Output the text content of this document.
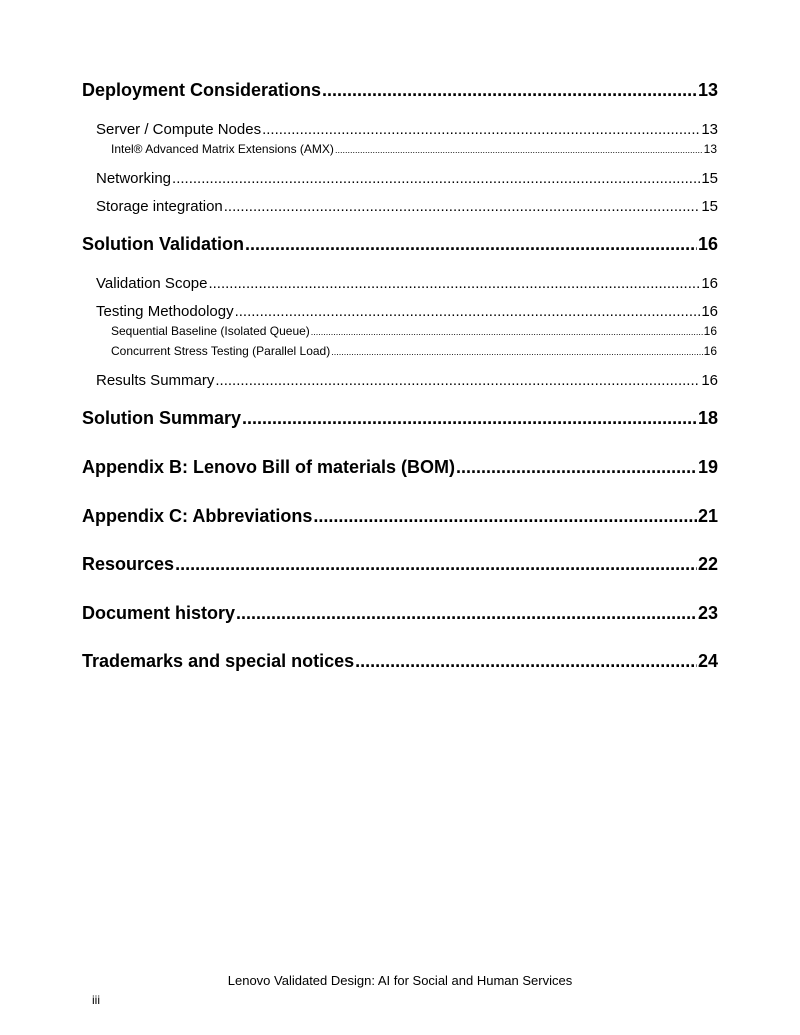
Deployment Considerations .....	13
Server / Compute Nodes .....	13
Intel® Advanced Matrix Extensions (AMX) .....	13
Networking .....	15
Storage integration .....	15
Solution Validation .....	16
Validation Scope .....	16
Testing Methodology .....	16
Sequential Baseline (Isolated Queue) .....	16
Concurrent Stress Testing (Parallel Load) .....	16
Results Summary .....	16
Solution Summary .....	18
Appendix B: Lenovo Bill of materials (BOM) .....	19
Appendix C: Abbreviations .....	21
Resources .....	22
Document history .....	23
Trademarks and special notices .....	24
Lenovo Validated Design: AI for Social and Human Services
iii
